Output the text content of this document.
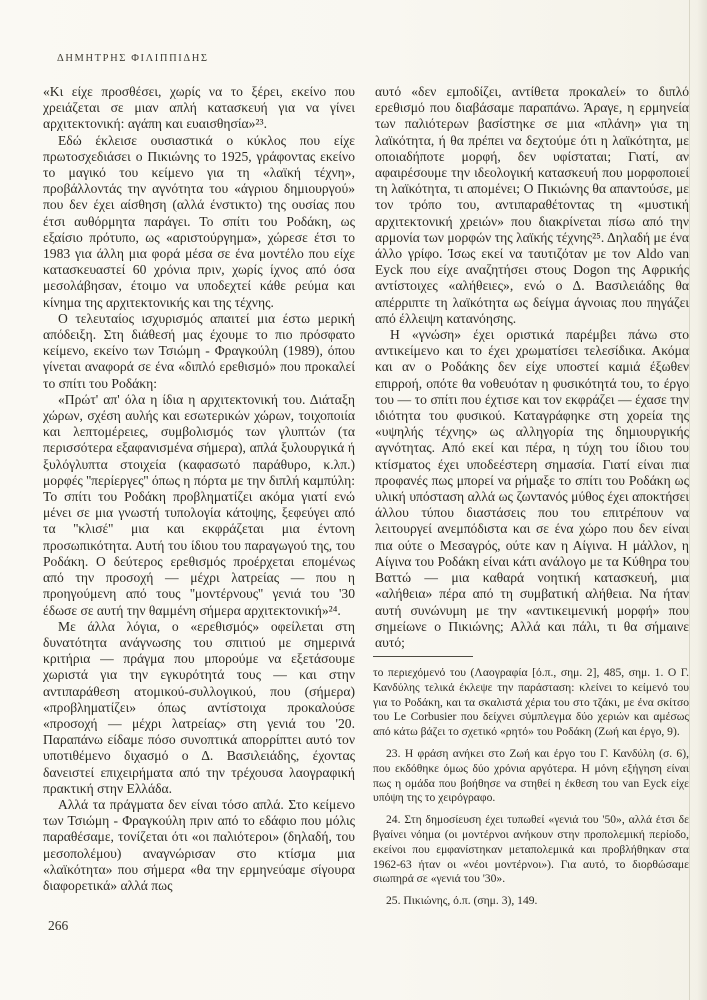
ΔΗΜΗΤΡΗΣ ΦΙΛΙΠΠΙΔΗΣ

«Κι είχε προσθέσει, χωρίς να το ξέρει, εκείνο που χρειάζεται σε μιαν απλή κατασκευή για να γίνει αρχιτεκτονική: αγάπη και ευαισθησία»²³.

Εδώ έκλεισε ουσιαστικά ο κύκλος που είχε πρωτοσχεδιάσει ο Πικιώνης το 1925, γράφοντας εκείνο το μαγικό του κείμενο για τη «λαϊκή τέχνη», προβάλλοντάς την αγνότητα του «άγριου δημιουργού» που δεν έχει αίσθηση (αλλά ένστικτο) της ουσίας που έτσι αυθόρμητα παράγει. Το σπίτι του Ροδάκη, ως εξαίσιο πρότυπο, ως «αριστούργημα», χώρεσε έτσι το 1983 για άλλη μια φορά μέσα σε ένα μοντέλο που είχε κατασκευαστεί 60 χρόνια πριν, χωρίς ίχνος από όσα μεσολάβησαν, έτοιμο να υποδεχτεί κάθε ρεύμα και κίνημα της αρχιτεκτονικής και της τέχνης.

Ο τελευταίος ισχυρισμός απαιτεί μια έστω μερική απόδειξη. Στη διάθεσή μας έχουμε το πιο πρόσφατο κείμενο, εκείνο των Τσιώμη - Φραγκούλη (1989), όπου γίνεται αναφορά σε ένα «διπλό ερεθισμό» που προκαλεί το σπίτι του Ροδάκη:

«Πρώτ' απ' όλα η ίδια η αρχιτεκτονική του. Διάταξη χώρων, σχέση αυλής και εσωτερικών χώρων, τοιχοποιία και λεπτομέρειες, συμβολισμός των γλυπτών (τα περισσότερα εξαφανισμένα σήμερα), απλά ξυλουργικά ή ξυλόγλυπτα στοιχεία (καφασωτό παράθυρο, κ.λπ.) μορφές ''περίεργες'' όπως η πόρτα με την διπλή καμπύλη: Το σπίτι του Ροδάκη προβληματίζει ακόμα γιατί ενώ μένει σε μια γνωστή τυπολογία κάτοψης, ξεφεύγει από τα ''κλισέ'' μια και εκφράζεται μια έντονη προσωπικότητα. Αυτή του ίδιου του παραγωγού της, του Ροδάκη. Ο δεύτερος ερεθισμός προέρχεται επομένως από την προσοχή — μέχρι λατρείας — που η προηγούμενη από τους ''μοντέρνους'' γενιά του '30 έδωσε σε αυτή την θαμμένη σήμερα αρχιτεκτονική»²⁴.

Με άλλα λόγια, ο «ερεθισμός» οφείλεται στη δυνατότητα ανάγνωσης του σπιτιού με σημερινά κριτήρια — πράγμα που μπορούμε να εξετάσουμε χωριστά για την εγκυρότητά τους — και στην αντιπαράθεση ατομικού-συλλογικού, που (σήμερα) «προβληματίζει» όπως αντίστοιχα προκαλούσε «προσοχή — μέχρι λατρείας» στη γενιά του '20. Παραπάνω είδαμε πόσο συνοπτικά απορρίπτει αυτό τον υποτιθέμενο διχασμό ο Δ. Βασιλειάδης, έχοντας δανειστεί επιχειρήματα από την τρέχουσα λαογραφική πρακτική στην Ελλάδα.

Αλλά τα πράγματα δεν είναι τόσο απλά. Στο κείμενο των Τσιώμη - Φραγκούλη πριν από το εδάφιο που μόλις παραθέσαμε, τονίζεται ότι «οι παλιότεροι» (δηλαδή, του μεσοπολέμου) αναγνώρισαν στο κτίσμα μια «λαϊκότητα» που σήμερα «θα την ερμηνεύαμε σίγουρα διαφορετικά» αλλά πως

αυτό «δεν εμποδίζει, αντίθετα προκαλεί» το διπλό ερεθισμό που διαβάσαμε παραπάνω. Άραγε, η ερμηνεία των παλιότερων βασίστηκε σε μια «πλάνη» για τη λαϊκότητα, ή θα πρέπει να δεχτούμε ότι η λαϊκότητα, με οποιαδήποτε μορφή, δεν υφίσταται; Γιατί, αν αφαιρέσουμε την ιδεολογική κατασκευή που μορφοποιεί τη λαϊκότητα, τι απομένει; Ο Πικιώνης θα απαντούσε, με τον τρόπο του, αντιπαραθέτοντας τη «μυστική αρχιτεκτονική χρειών» που διακρίνεται πίσω από την αρμονία των μορφών της λαϊκής τέχνης²⁵. Δηλαδή με ένα άλλο γρίφο. Ίσως εκεί να ταυτιζόταν με τον Aldo van Eyck που είχε αναζητήσει στους Dogon της Αφρικής αντίστοιχες «αλήθειες», ενώ ο Δ. Βασιλειάδης θα απέρριπτε τη λαϊκότητα ως δείγμα άγνοιας που πηγάζει από έλλειψη κατανόησης.

Η «γνώση» έχει οριστικά παρέμβει πάνω στο αντικείμενο και το έχει χρωματίσει τελεσίδικα. Ακόμα και αν ο Ροδάκης δεν είχε υποστεί καμιά έξωθεν επιρροή, οπότε θα νοθευόταν η φυσικότητά του, το έργο του — το σπίτι που έχτισε και τον εκφράζει — έχασε την ιδιότητα του φυσικού. Καταγράφηκε στη χορεία της «υψηλής τέχνης» ως αλληγορία της δημιουργικής αγνότητας. Από εκεί και πέρα, η τύχη του ίδιου του κτίσματος έχει υποδεέστερη σημασία. Γιατί είναι πια προφανές πως μπορεί να ρήμαξε το σπίτι του Ροδάκη ως υλική υπόσταση αλλά ως ζωντανός μύθος έχει αποκτήσει άλλου τύπου διαστάσεις που του επιτρέπουν να λειτουργεί ανεμπόδιστα και σε ένα χώρο που δεν είναι πια ούτε ο Μεσαγρός, ούτε καν η Αίγινα. Η μάλλον, η Αίγινα του Ροδάκη είναι κάτι ανάλογο με τα Κύθηρα του Βαττώ — μια καθαρά νοητική κατασκευή, μια «αλήθεια» πέρα από τη συμβατική αλήθεια. Να ήταν αυτή συνώνυμη με την «αντικειμενική μορφή» που σημείωνε ο Πικιώνης; Αλλά και πάλι, τι θα σήμαινε αυτό;

το περιεχόμενό του (Λαογραφία [ό.π., σημ. 2], 485, σημ. 1. Ο Γ. Κανδύλης τελικά έκλεψε την παράσταση: κλείνει το κείμενό του για το Ροδάκη, και τα σκαλιστά χέρια του στο τζάκι, με ένα σκίτσο του Le Corbusier που δείχνει σύμπλεγμα δύο χεριών και αμέσως από κάτω βάζει το σχετικό «ρητό» του Ροδάκη (Ζωή και έργο, 9).

23. Η φράση ανήκει στο Ζωή και έργο του Γ. Κανδύλη (σ. 6), που εκδόθηκε όμως δύο χρόνια αργότερα. Η μόνη εξήγηση είναι πως η ομάδα που βοήθησε να στηθεί η έκθεση του van Eyck είχε υπόψη της το χειρόγραφο.

24. Στη δημοσίευση έχει τυπωθεί «γενιά του '50», αλλά έτσι δε βγαίνει νόημα (οι μοντέρνοι ανήκουν στην προπολεμική περίοδο, εκείνοι που εμφανίστηκαν μεταπολεμικά και προβλήθηκαν στα 1962-63 ήταν οι «νέοι μοντέρνοι»). Για αυτό, το διορθώσαμε σιωπηρά σε «γενιά του '30».

25. Πικιώνης, ό.π. (σημ. 3), 149.

266
